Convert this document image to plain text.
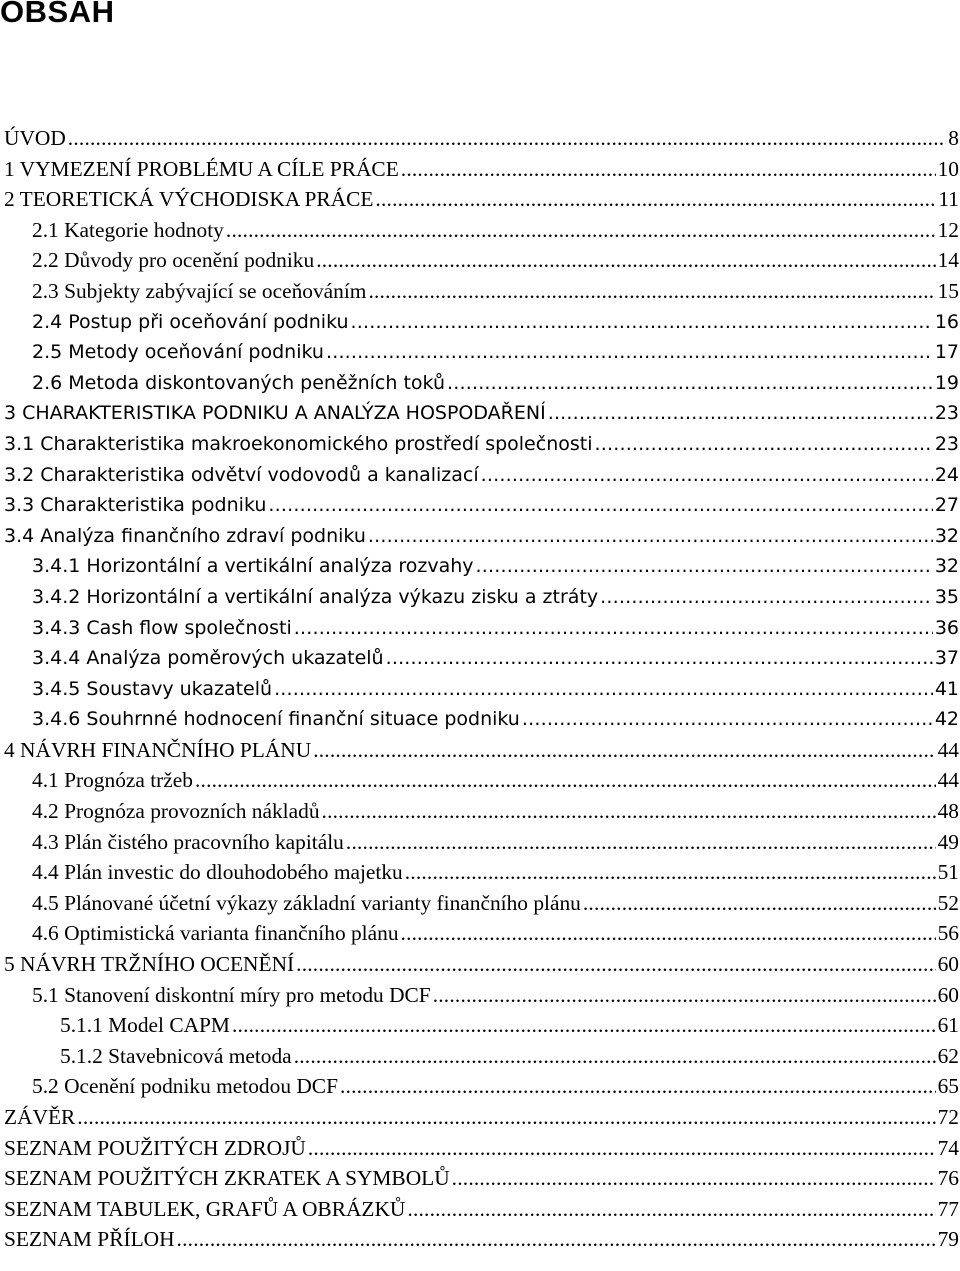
OBSAH
ÚVOD .....	8
1 VYMEZENÍ PROBLÉMU A CÍLE PRÁCE .....	10
2 TEORETICKÁ VÝCHODISKA PRÁCE .....	11
2.1 Kategorie hodnoty .....	12
2.2 Důvody pro ocenění podniku .....	14
2.3 Subjekty zabývající se oceňováním .....	15
2.4 Postup při oceňování podniku .....	16
2.5 Metody oceňování podniku .....	17
2.6 Metoda diskontovaných peněžních toků .....	19
3 CHARAKTERISTIKA PODNIKU A ANALÝZA HOSPODAŘENÍ .....	23
3.1 Charakteristika makroekonomického prostředí společnosti .....	23
3.2 Charakteristika odvětví vodovodů a kanalizací .....	24
3.3 Charakteristika podniku .....	27
3.4 Analýza finančního zdraví podniku .....	32
3.4.1 Horizontální a vertikální analýza rozvahy .....	32
3.4.2 Horizontální a vertikální analýza výkazu zisku a ztráty .....	35
3.4.3 Cash flow společnosti .....	36
3.4.4 Analýza poměrových ukazatelů .....	37
3.4.5 Soustavy ukazatelů .....	41
3.4.6 Souhrnné hodnocení finanční situace podniku .....	42
4 NÁVRH FINANČNÍHO PLÁNU .....	44
4.1 Prognóza tržeb .....	44
4.2 Prognóza provozních nákladů .....	48
4.3 Plán čistého pracovního kapitálu .....	49
4.4 Plán investic do dlouhodobého majetku .....	51
4.5 Plánované účetní výkazy základní varianty finančního plánu .....	52
4.6 Optimistická varianta finančního plánu .....	56
5 NÁVRH TRŽNÍHO OCENĚNÍ .....	60
5.1 Stanovení diskontní míry pro metodu DCF .....	60
5.1.1 Model CAPM .....	61
5.1.2 Stavebnicová metoda .....	62
5.2 Ocenění podniku metodou DCF .....	65
ZÁVĚR .....	72
SEZNAM POUŽITÝCH ZDROJŮ .....	74
SEZNAM POUŽITÝCH ZKRATEK A SYMBOLŮ .....	76
SEZNAM TABULEK, GRAFŮ A OBRÁZKŮ .....	77
SEZNAM PŘÍLOH .....	79
